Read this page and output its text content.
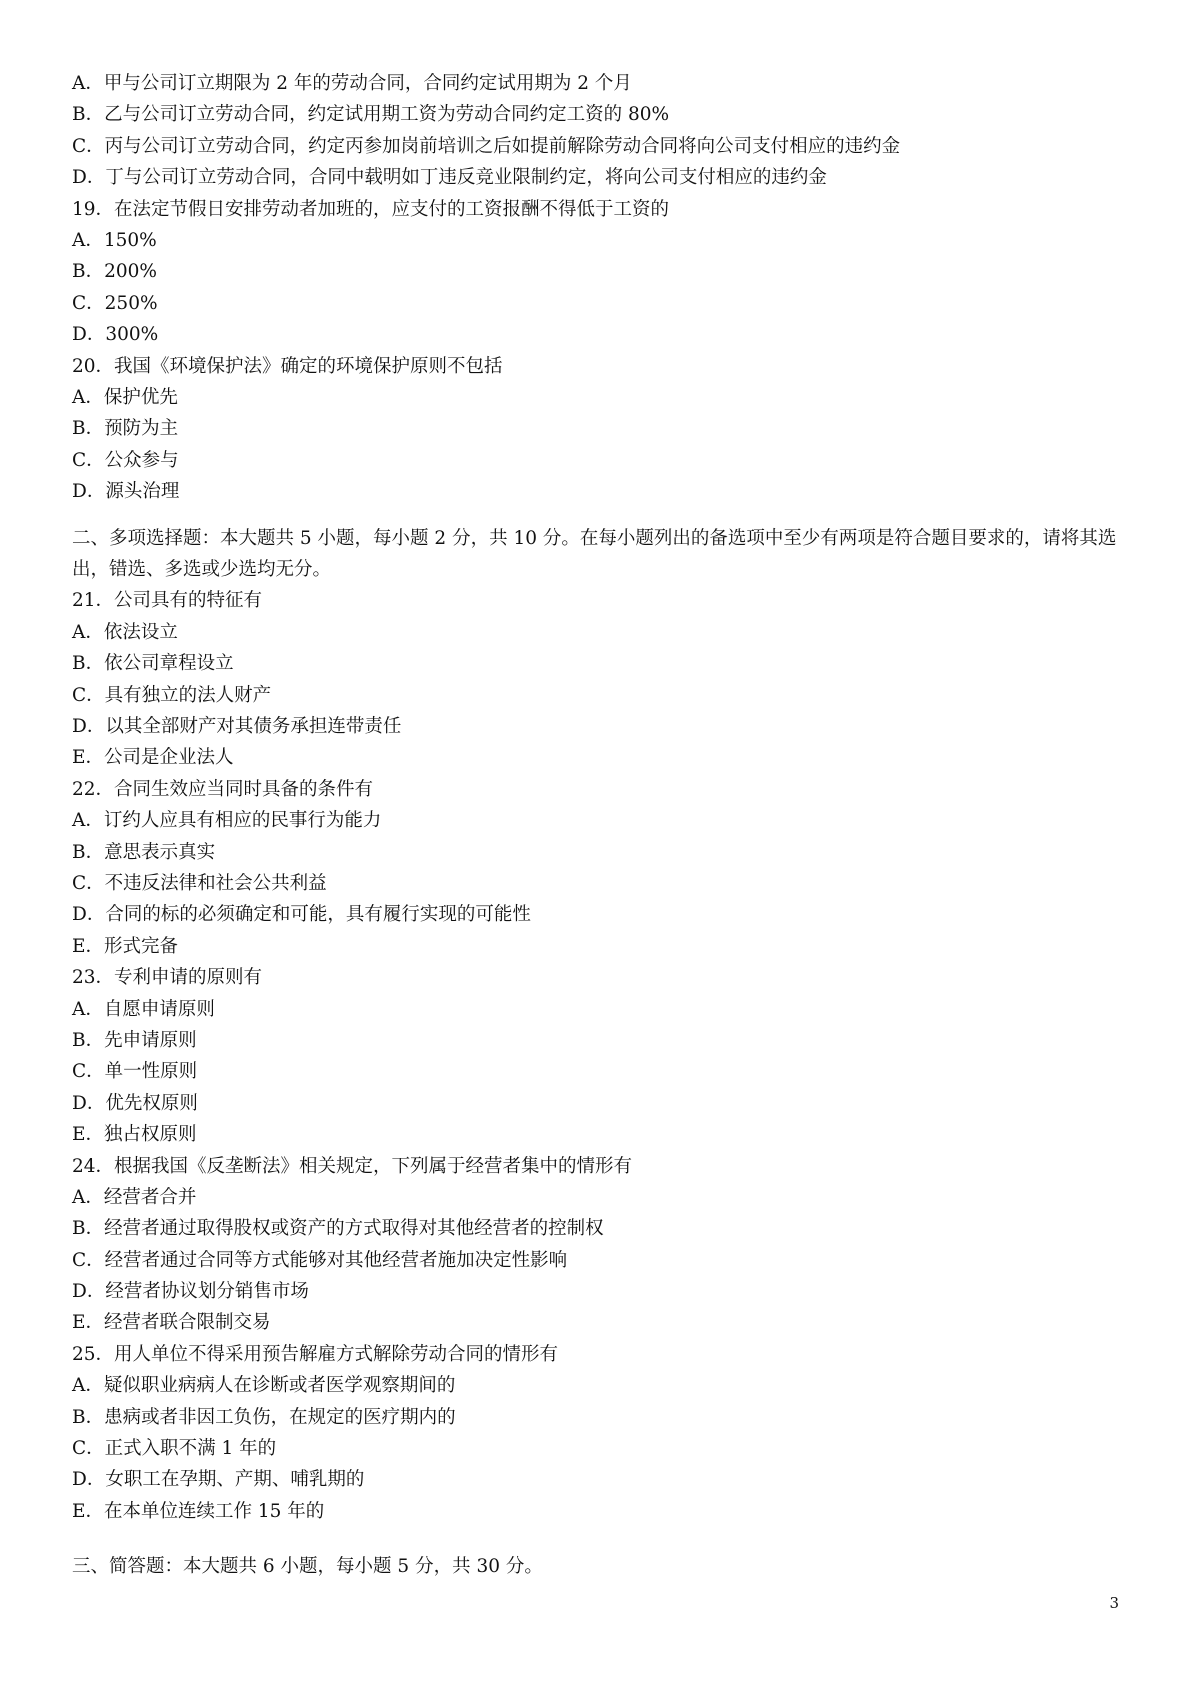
A．甲与公司订立期限为 2 年的劳动合同，合同约定试用期为 2 个月
B．乙与公司订立劳动合同，约定试用期工资为劳动合同约定工资的 80%
C．丙与公司订立劳动合同，约定丙参加岗前培训之后如提前解除劳动合同将向公司支付相应的违约金
D．丁与公司订立劳动合同，合同中载明如丁违反竞业限制约定，将向公司支付相应的违约金
19．在法定节假日安排劳动者加班的，应支付的工资报酬不得低于工资的
A．150%
B．200%
C．250%
D．300%
20．我国《环境保护法》确定的环境保护原则不包括
A．保护优先
B．预防为主
C．公众参与
D．源头治理
二、多项选择题：本大题共 5 小题，每小题 2 分，共 10 分。在每小题列出的备选项中至少有两项是符合题目要求的，请将其选出，错选、多选或少选均无分。
21．公司具有的特征有
A．依法设立
B．依公司章程设立
C．具有独立的法人财产
D．以其全部财产对其债务承担连带责任
E．公司是企业法人
22．合同生效应当同时具备的条件有
A．订约人应具有相应的民事行为能力
B．意思表示真实
C．不违反法律和社会公共利益
D．合同的标的必须确定和可能，具有履行实现的可能性
E．形式完备
23．专利申请的原则有
A．自愿申请原则
B．先申请原则
C．单一性原则
D．优先权原则
E．独占权原则
24．根据我国《反垄断法》相关规定，下列属于经营者集中的情形有
A．经营者合并
B．经营者通过取得股权或资产的方式取得对其他经营者的控制权
C．经营者通过合同等方式能够对其他经营者施加决定性影响
D．经营者协议划分销售市场
E．经营者联合限制交易
25．用人单位不得采用预告解雇方式解除劳动合同的情形有
A．疑似职业病病人在诊断或者医学观察期间的
B．患病或者非因工负伤，在规定的医疗期内的
C．正式入职不满 1 年的
D．女职工在孕期、产期、哺乳期的
E．在本单位连续工作 15 年的
三、简答题：本大题共 6 小题，每小题 5 分，共 30 分。
3
